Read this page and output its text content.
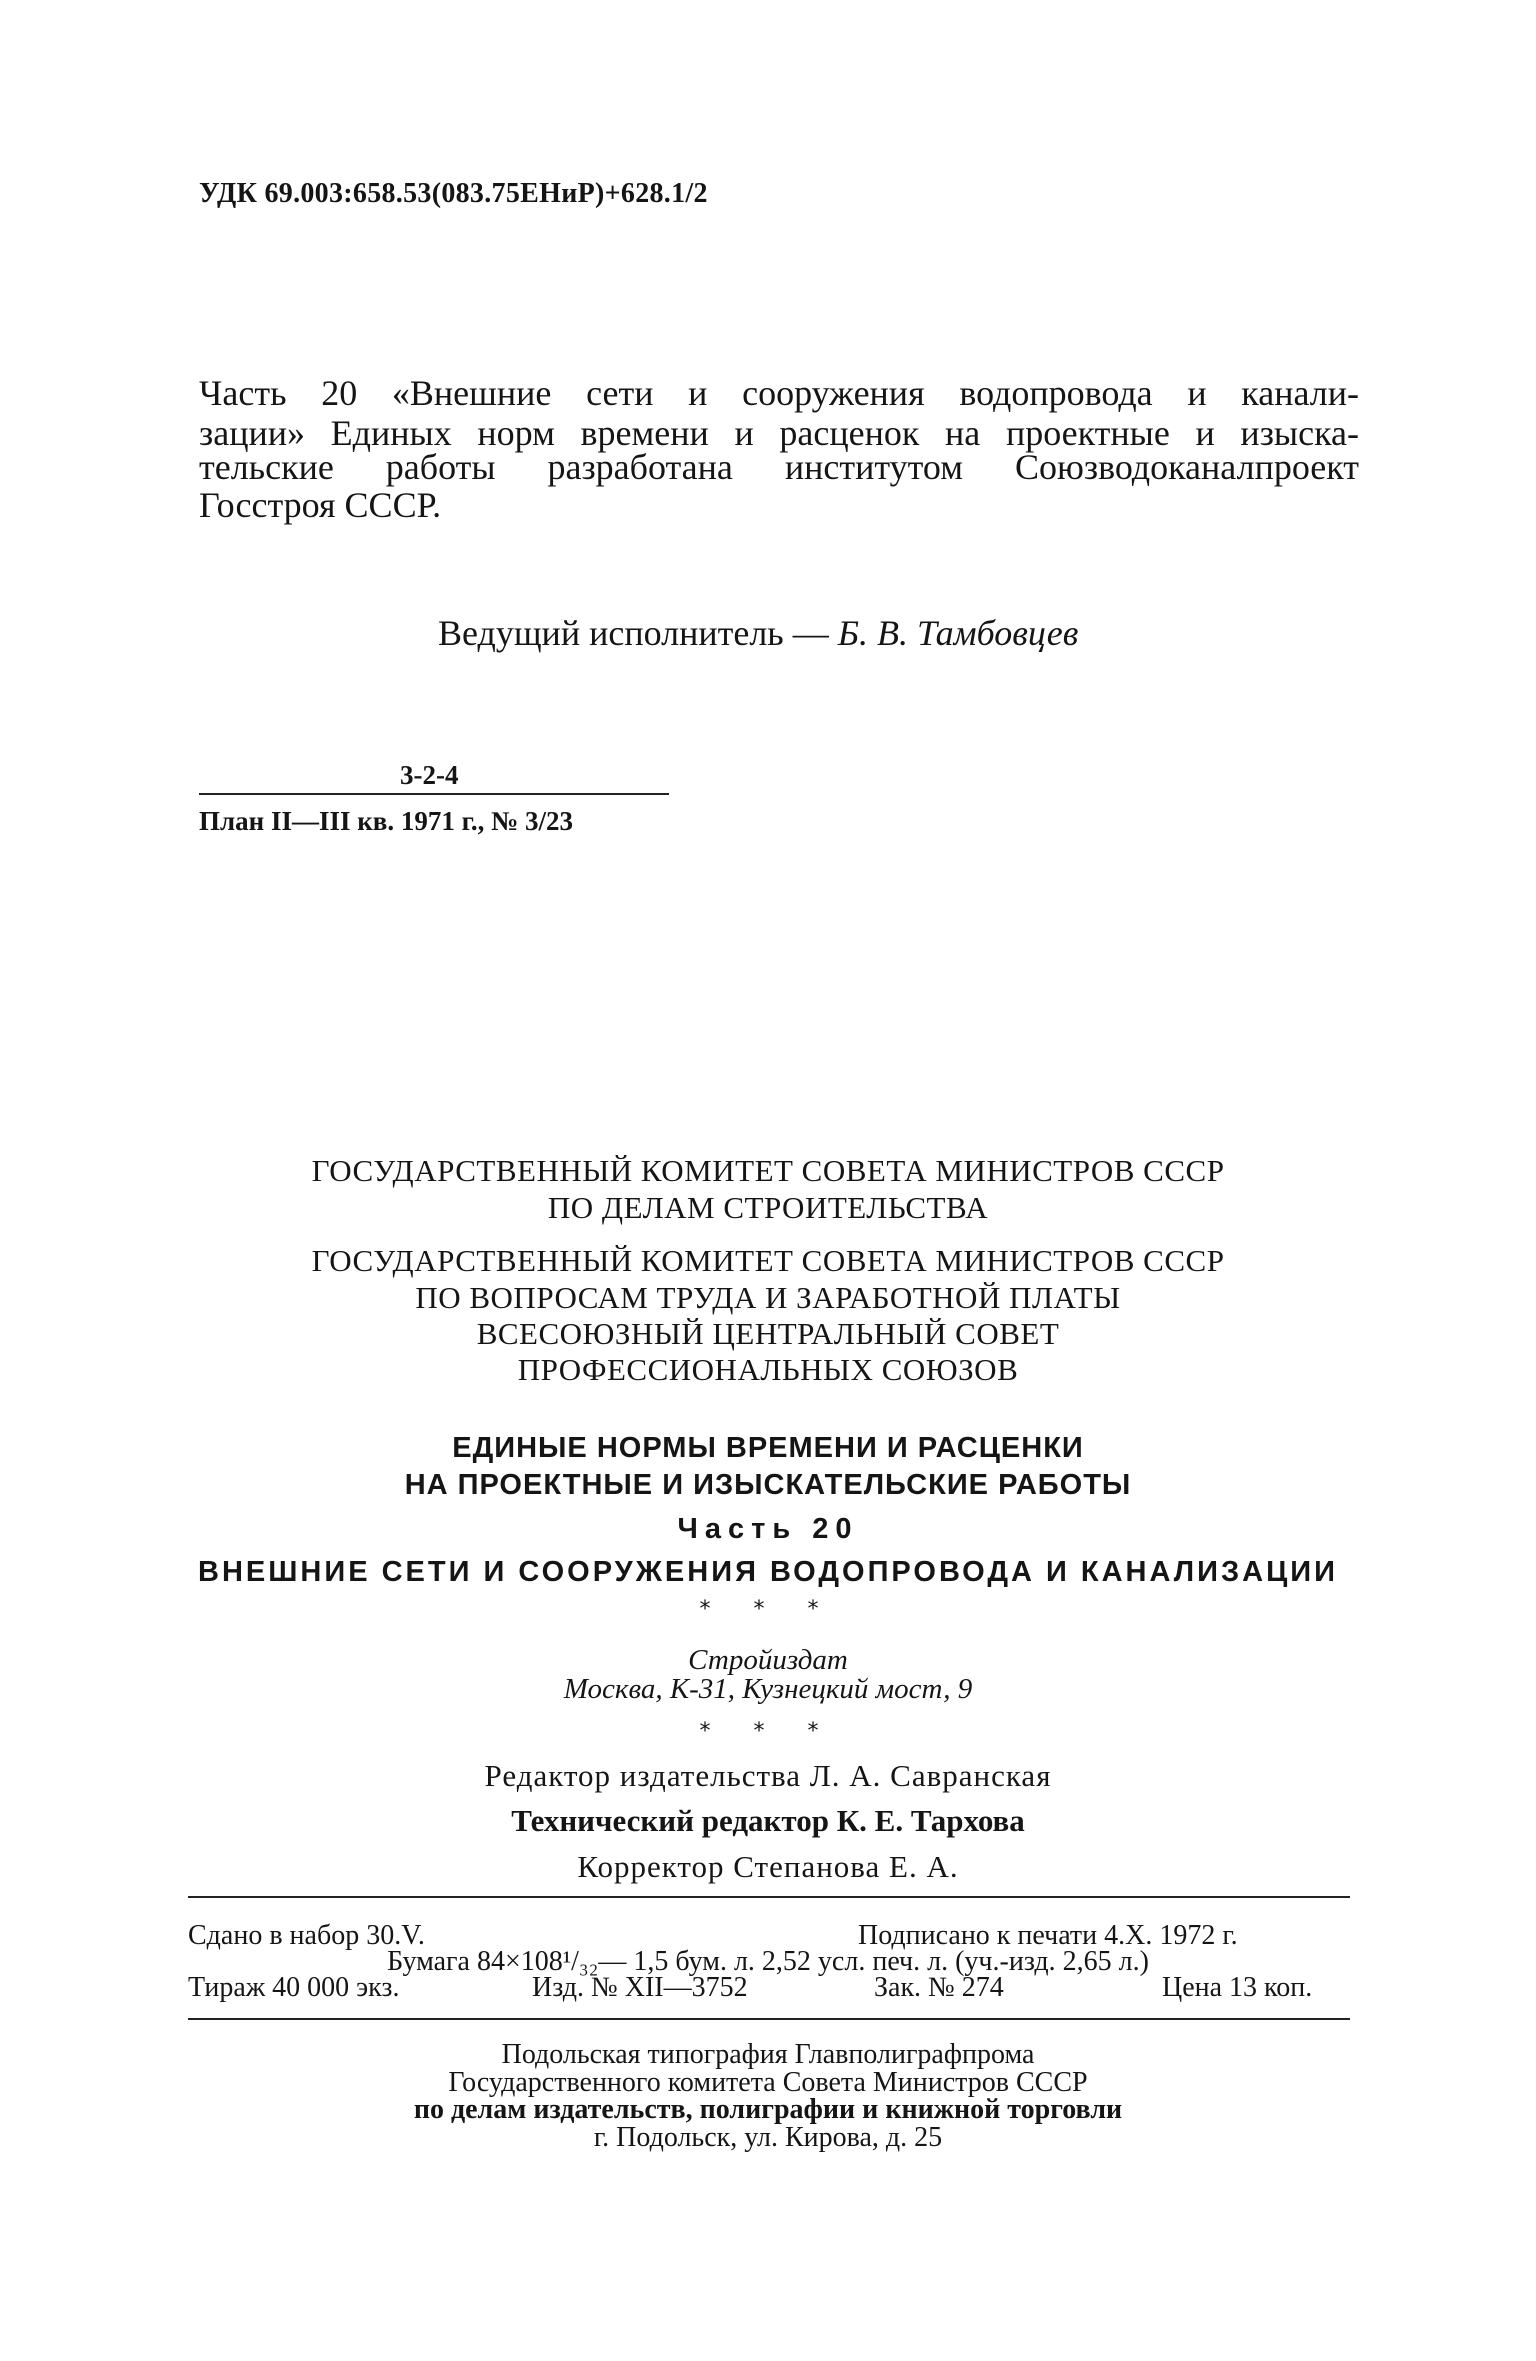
УДК 69.003:658.53(083.75ЕНиР)+628.1/2
Часть 20 «Внешние сети и сооружения водопровода и канали-
зации» Единых норм времени и расценок на проектные и изыска-
тельские работы разработана институтом Союзводоканалпроект
Госстроя СССР.
Ведущий исполнитель — Б. В. Тамбовцев
3-2-4
План II—III кв. 1971 г., № 3/23
ГОСУДАРСТВЕННЫЙ КОМИТЕТ СОВЕТА МИНИСТРОВ СССР
ПО ДЕЛАМ СТРОИТЕЛЬСТВА
ГОСУДАРСТВЕННЫЙ КОМИТЕТ СОВЕТА МИНИСТРОВ СССР
ПО ВОПРОСАМ ТРУДА И ЗАРАБОТНОЙ ПЛАТЫ
ВСЕСОЮЗНЫЙ ЦЕНТРАЛЬНЫЙ СОВЕТ
ПРОФЕССИОНАЛЬНЫХ СОЮЗОВ
ЕДИНЫЕ НОРМЫ ВРЕМЕНИ И РАСЦЕНКИ
НА ПРОЕКТНЫЕ И ИЗЫСКАТЕЛЬСКИЕ РАБОТЫ
Часть 20
ВНЕШНИЕ СЕТИ И СООРУЖЕНИЯ ВОДОПРОВОДА И КАНАЛИЗАЦИИ
* * *
Стройиздат
Москва, К-31, Кузнецкий мост, 9
* * *
Редактор издательства Л. А. Савранская
Технический редактор К. Е. Тархова
Корректор Степанова Е. А.
Сдано в набор 30.V.	Подписано к печати 4.X. 1972 г.
Бумага 84×108¹/₃₂— 1,5 бум. л. 2,52 усл. печ. л. (уч.-изд. 2,65 л.)
Тираж 40 000 экз.	Изд. № XII—3752	Зак. № 274	Цена 13 коп.
Подольская типография Главполиграфпрома
Государственного комитета Совета Министров СССР
по делам издательств, полиграфии и книжной торговли
г. Подольск, ул. Кирова, д. 25
